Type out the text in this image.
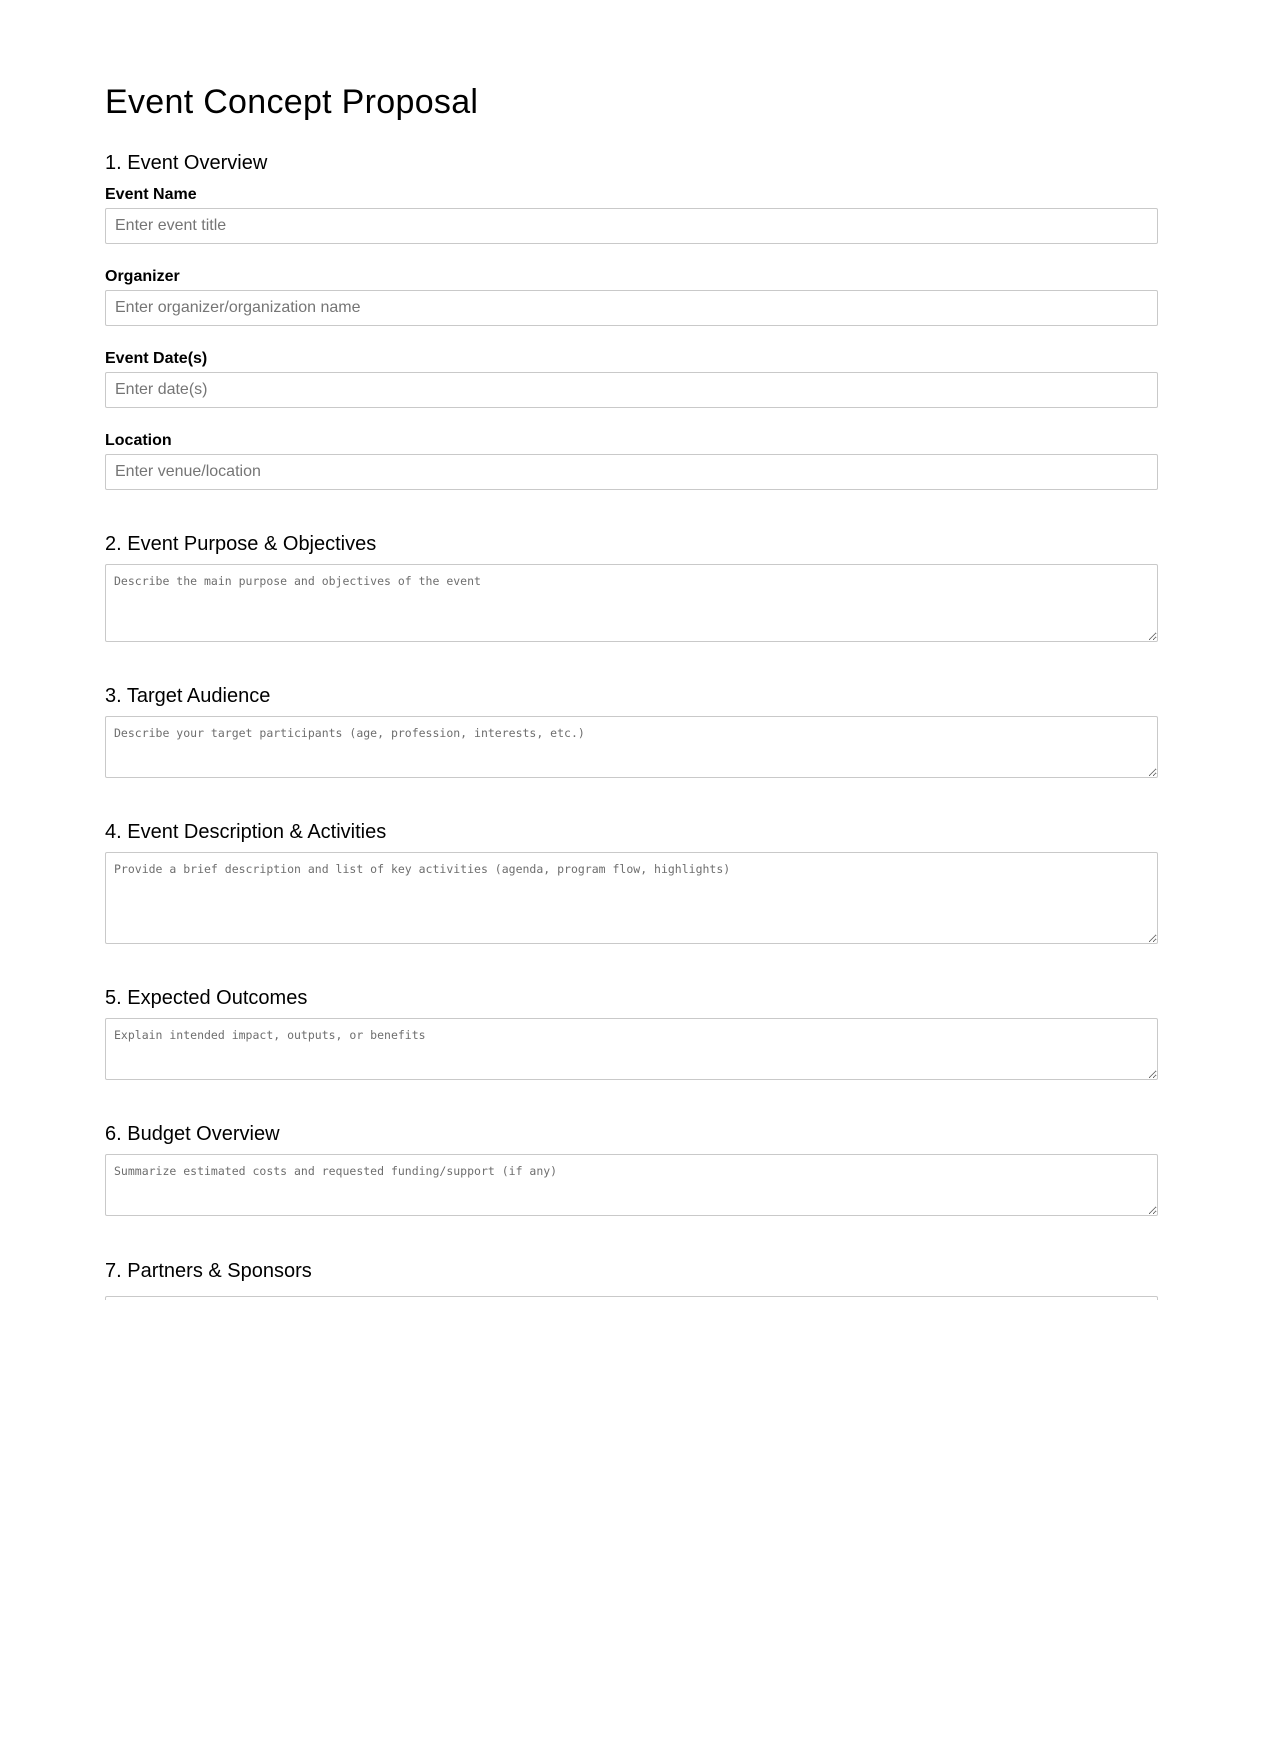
Event Concept Proposal
1. Event Overview
Event Name
Enter event title
Organizer
Enter organizer/organization name
Event Date(s)
Enter date(s)
Location
Enter venue/location
2. Event Purpose & Objectives
Describe the main purpose and objectives of the event
3. Target Audience
Describe your target participants (age, profession, interests, etc.)
4. Event Description & Activities
Provide a brief description and list of key activities (agenda, program flow, highlights)
5. Expected Outcomes
Explain intended impact, outputs, or benefits
6. Budget Overview
Summarize estimated costs and requested funding/support (if any)
7. Partners & Sponsors
